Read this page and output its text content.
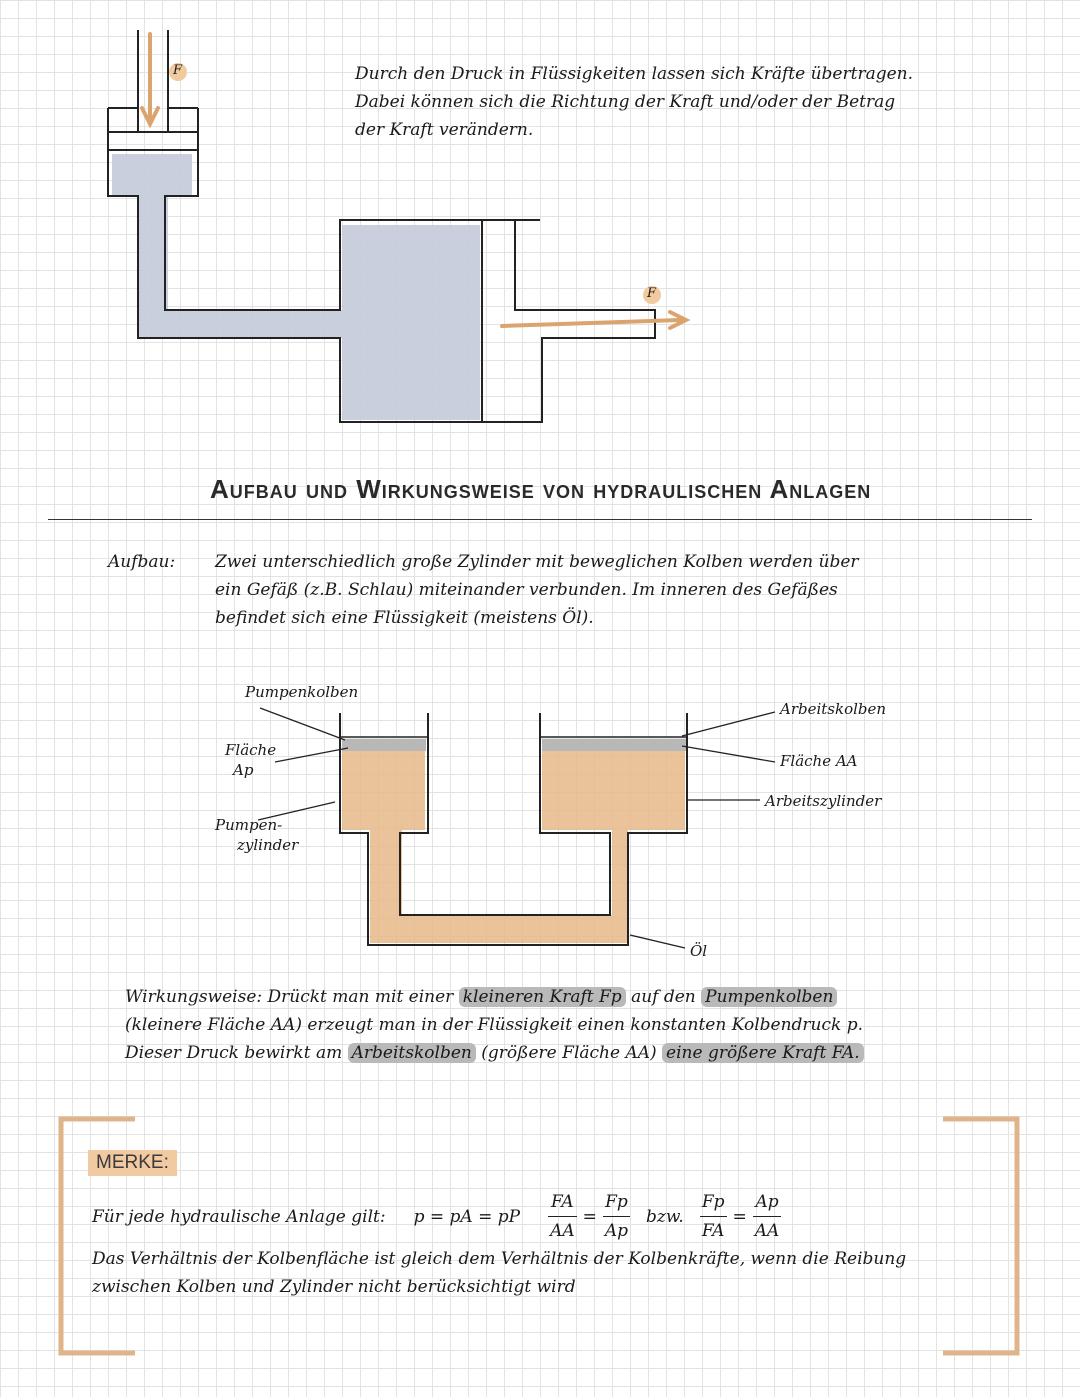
F
F
Durch den Druck in Flüssigkeiten lassen sich Kräfte übertragen.
Dabei können sich die Richtung der Kraft und/oder der Betrag
der Kraft verändern.
Aufbau und Wirkungsweise von hydraulischen Anlagen
Aufbau: Zwei unterschiedlich große Zylinder mit beweglichen Kolben werden über
ein Gefäß (z.B. Schlau) miteinander verbunden. Im inneren des Gefäßes
befindet sich eine Flüssigkeit (meistens Öl).
Pumpenkolben
Fläche
Ap
Pumpen-
zylinder
Arbeitskolben
Fläche AA
Arbeitszylinder
Öl
Wirkungsweise: Drückt man mit einer kleineren Kraft Fp auf den Pumpenkolben
(kleinere Fläche AA) erzeugt man in der Flüssigkeit einen konstanten Kolbendruck p.
Dieser Druck bewirkt am Arbeitskolben (größere Fläche AA) eine größere Kraft FA.
MERKE:
Für jede hydraulische Anlage gilt: p = pA = pP $\frac{FA}{AA} = \frac{Fp}{Ap}$ bzw. $\frac{Fp}{FA} = \frac{Ap}{AA}$
Das Verhältnis der Kolbenfläche ist gleich dem Verhältnis der Kolbenkräfte, wenn die Reibung
zwischen Kolben und Zylinder nicht berücksichtigt wird
